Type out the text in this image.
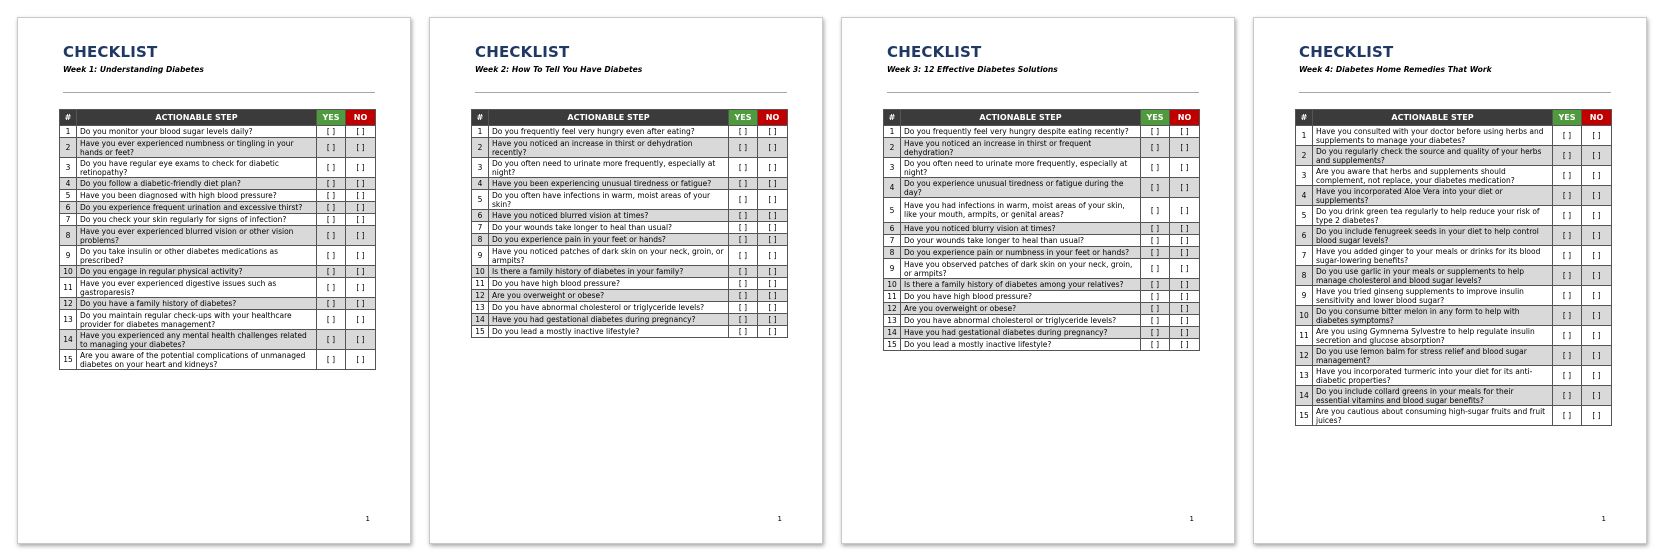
CHECKLIST
Week 1: Understanding Diabetes
#	ACTIONABLE STEP	YES	NO
1	Do you monitor your blood sugar levels daily?	[ ]	[ ]
2	Have you ever experienced numbness or tingling in your hands or feet?	[ ]	[ ]
3	Do you have regular eye exams to check for diabetic retinopathy?	[ ]	[ ]
4	Do you follow a diabetic-friendly diet plan?	[ ]	[ ]
5	Have you been diagnosed with high blood pressure?	[ ]	[ ]
6	Do you experience frequent urination and excessive thirst?	[ ]	[ ]
7	Do you check your skin regularly for signs of infection?	[ ]	[ ]
8	Have you ever experienced blurred vision or other vision problems?	[ ]	[ ]
9	Do you take insulin or other diabetes medications as prescribed?	[ ]	[ ]
10	Do you engage in regular physical activity?	[ ]	[ ]
11	Have you ever experienced digestive issues such as gastroparesis?	[ ]	[ ]
12	Do you have a family history of diabetes?	[ ]	[ ]
13	Do you maintain regular check-ups with your healthcare provider for diabetes management?	[ ]	[ ]
14	Have you experienced any mental health challenges related to managing your diabetes?	[ ]	[ ]
15	Are you aware of the potential complications of unmanaged diabetes on your heart and kidneys?	[ ]	[ ]
1
CHECKLIST
Week 2: How To Tell You Have Diabetes
#	ACTIONABLE STEP	YES	NO
1	Do you frequently feel very hungry even after eating?	[ ]	[ ]
2	Have you noticed an increase in thirst or dehydration recently?	[ ]	[ ]
3	Do you often need to urinate more frequently, especially at night?	[ ]	[ ]
4	Have you been experiencing unusual tiredness or fatigue?	[ ]	[ ]
5	Do you often have infections in warm, moist areas of your skin?	[ ]	[ ]
6	Have you noticed blurred vision at times?	[ ]	[ ]
7	Do your wounds take longer to heal than usual?	[ ]	[ ]
8	Do you experience pain in your feet or hands?	[ ]	[ ]
9	Have you noticed patches of dark skin on your neck, groin, or armpits?	[ ]	[ ]
10	Is there a family history of diabetes in your family?	[ ]	[ ]
11	Do you have high blood pressure?	[ ]	[ ]
12	Are you overweight or obese?	[ ]	[ ]
13	Do you have abnormal cholesterol or triglyceride levels?	[ ]	[ ]
14	Have you had gestational diabetes during pregnancy?	[ ]	[ ]
15	Do you lead a mostly inactive lifestyle?	[ ]	[ ]
1
CHECKLIST
Week 3: 12 Effective Diabetes Solutions
#	ACTIONABLE STEP	YES	NO
1	Do you frequently feel very hungry despite eating recently?	[ ]	[ ]
2	Have you noticed an increase in thirst or frequent dehydration?	[ ]	[ ]
3	Do you often need to urinate more frequently, especially at night?	[ ]	[ ]
4	Do you experience unusual tiredness or fatigue during the day?	[ ]	[ ]
5	Have you had infections in warm, moist areas of your skin, like your mouth, armpits, or genital areas?	[ ]	[ ]
6	Have you noticed blurry vision at times?	[ ]	[ ]
7	Do your wounds take longer to heal than usual?	[ ]	[ ]
8	Do you experience pain or numbness in your feet or hands?	[ ]	[ ]
9	Have you observed patches of dark skin on your neck, groin, or armpits?	[ ]	[ ]
10	Is there a family history of diabetes among your relatives?	[ ]	[ ]
11	Do you have high blood pressure?	[ ]	[ ]
12	Are you overweight or obese?	[ ]	[ ]
13	Do you have abnormal cholesterol or triglyceride levels?	[ ]	[ ]
14	Have you had gestational diabetes during pregnancy?	[ ]	[ ]
15	Do you lead a mostly inactive lifestyle?	[ ]	[ ]
1
CHECKLIST
Week 4: Diabetes Home Remedies That Work
#	ACTIONABLE STEP	YES	NO
1	Have you consulted with your doctor before using herbs and supplements to manage your diabetes?	[ ]	[ ]
2	Do you regularly check the source and quality of your herbs and supplements?	[ ]	[ ]
3	Are you aware that herbs and supplements should complement, not replace, your diabetes medication?	[ ]	[ ]
4	Have you incorporated Aloe Vera into your diet or supplements?	[ ]	[ ]
5	Do you drink green tea regularly to help reduce your risk of type 2 diabetes?	[ ]	[ ]
6	Do you include fenugreek seeds in your diet to help control blood sugar levels?	[ ]	[ ]
7	Have you added ginger to your meals or drinks for its blood sugar-lowering benefits?	[ ]	[ ]
8	Do you use garlic in your meals or supplements to help manage cholesterol and blood sugar levels?	[ ]	[ ]
9	Have you tried ginseng supplements to improve insulin sensitivity and lower blood sugar?	[ ]	[ ]
10	Do you consume bitter melon in any form to help with diabetes symptoms?	[ ]	[ ]
11	Are you using Gymnema Sylvestre to help regulate insulin secretion and glucose absorption?	[ ]	[ ]
12	Do you use lemon balm for stress relief and blood sugar management?	[ ]	[ ]
13	Have you incorporated turmeric into your diet for its anti-diabetic properties?	[ ]	[ ]
14	Do you include collard greens in your meals for their essential vitamins and blood sugar benefits?	[ ]	[ ]
15	Are you cautious about consuming high-sugar fruits and fruit juices?	[ ]	[ ]
1
